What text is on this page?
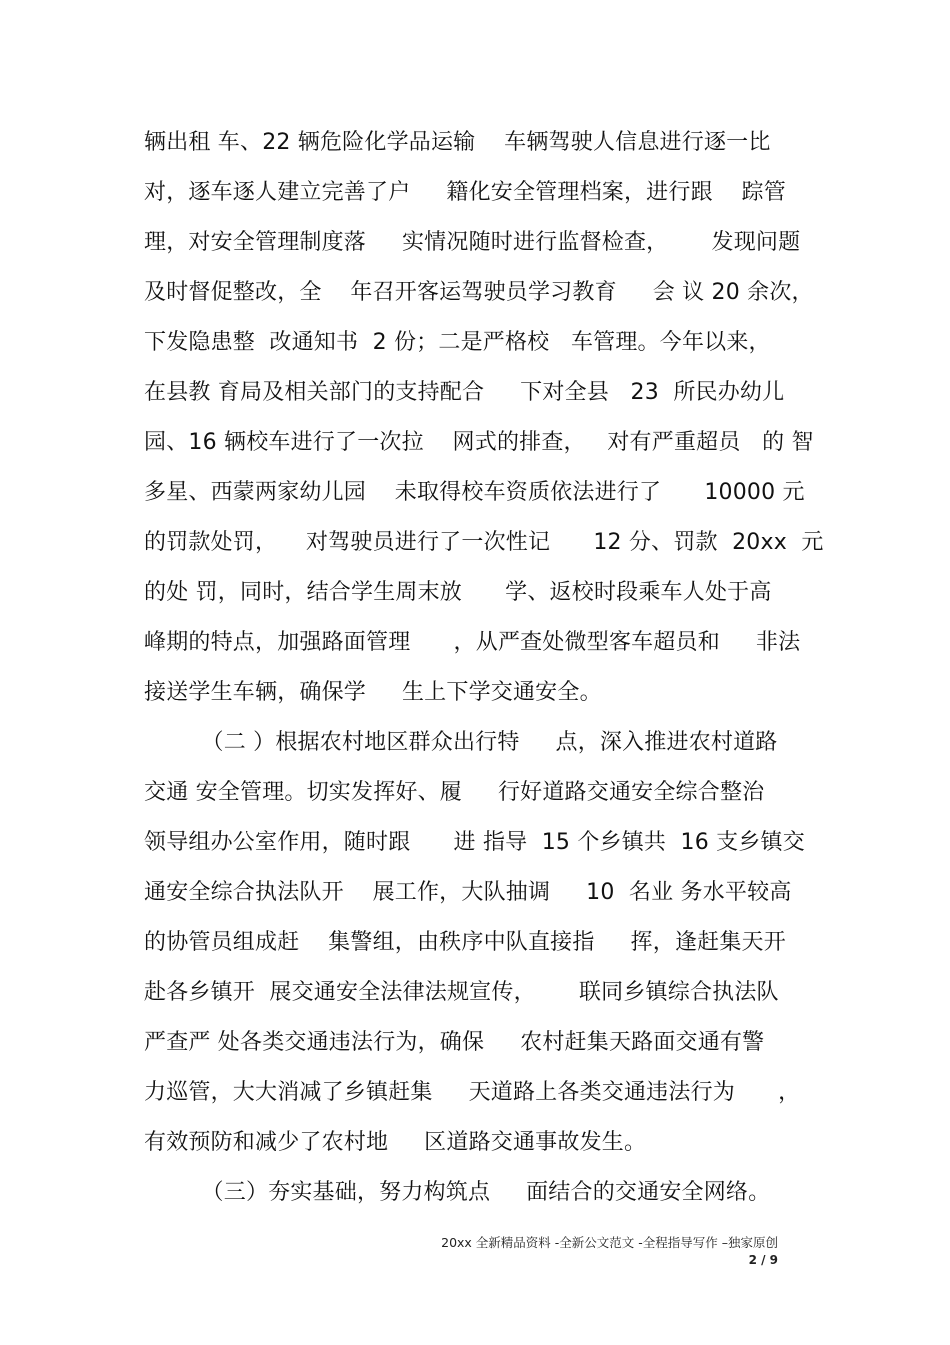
辆出租 车、22 辆危险化学品运输    车辆驾驶人信息进行逐一比
对，逐车逐人建立完善了户     籍化安全管理档案，进行跟    踪管
理，对安全管理制度落     实情况随时进行监督检查，      发现问题
及时督促整改，全    年召开客运驾驶员学习教育     会 议 20 余次，
下发隐患整  改通知书  2 份；二是严格校   车管理。今年以来，
在县教 育局及相关部门的支持配合     下对全县   23  所民办幼儿
园、16 辆校车进行了一次拉    网式的排查，   对有严重超员   的 智
多星、西蒙两家幼儿园    未取得校车资质依法进行了      10000 元
的罚款处罚，    对驾驶员进行了一次性记      12 分、罚款  20xx  元
的处 罚，同时，结合学生周末放      学、返校时段乘车人处于高
峰期的特点，加强路面管理      ，从严查处微型客车超员和     非法
接送学生车辆，确保学     生上下学交通安全。
（二 ）根据农村地区群众出行特     点，深入推进农村道路
交通 安全管理。切实发挥好、履     行好道路交通安全综合整治
领导组办公室作用，随时跟      进 指导  15 个乡镇共  16 支乡镇交
通安全综合执法队开    展工作，大队抽调     10  名业 务水平较高
的协管员组成赶    集警组，由秩序中队直接指     挥，逢赶集天开
赴各乡镇开  展交通安全法律法规宣传，      联同乡镇综合执法队
严查严 处各类交通违法行为，确保     农村赶集天路面交通有警
力巡管，大大消减了乡镇赶集     天道路上各类交通违法行为      ，
有效预防和减少了农村地     区道路交通事故发生。
（三）夯实基础，努力构筑点     面结合的交通安全网络。
20xx 全新精品资料 -全新公文范文 -全程指导写作 –独家原创
2 / 9
